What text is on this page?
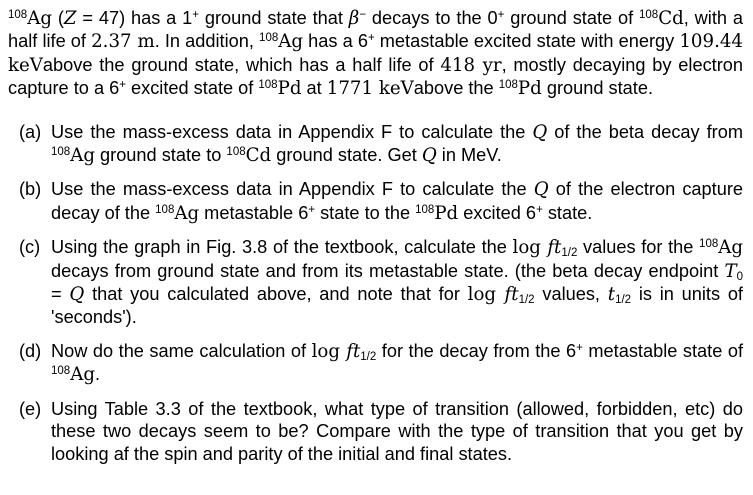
$^{108}$Ag (Z = 47) has a 1+ ground state that β− decays to the 0+ ground state of $^{108}$Cd, with a half life of 2.37 m. In addition, $^{108}$Ag has a 6+ metastable excited state with energy 109.44 keVabove the ground state, which has a half life of 418 yr, mostly decaying by electron capture to a 6+ excited state of $^{108}$Pd at 1771 keVabove the $^{108}$Pd ground state.

(a) Use the mass-excess data in Appendix F to calculate the Q of the beta decay from $^{108}$Ag ground state to $^{108}$Cd ground state. Get Q in MeV.
(b) Use the mass-excess data in Appendix F to calculate the Q of the electron capture decay of the $^{108}$Ag metastable 6+ state to the $^{108}$Pd excited 6+ state.
(c) Using the graph in Fig. 3.8 of the textbook, calculate the $\log ft_{1/2}$ values for the $^{108}$Ag decays from ground state and from its metastable state. (the beta decay endpoint $T_0 = Q$ that you calculated above, and note that for $\log ft_{1/2}$ values, $t_{1/2}$ is in units of 'seconds').
(d) Now do the same calculation of $\log ft_{1/2}$ for the decay from the 6+ metastable state of $^{108}$Ag.
(e) Using Table 3.3 of the textbook, what type of transition (allowed, forbidden, etc) do these two decays seem to be? Compare with the type of transition that you get by looking af the spin and parity of the initial and final states.
